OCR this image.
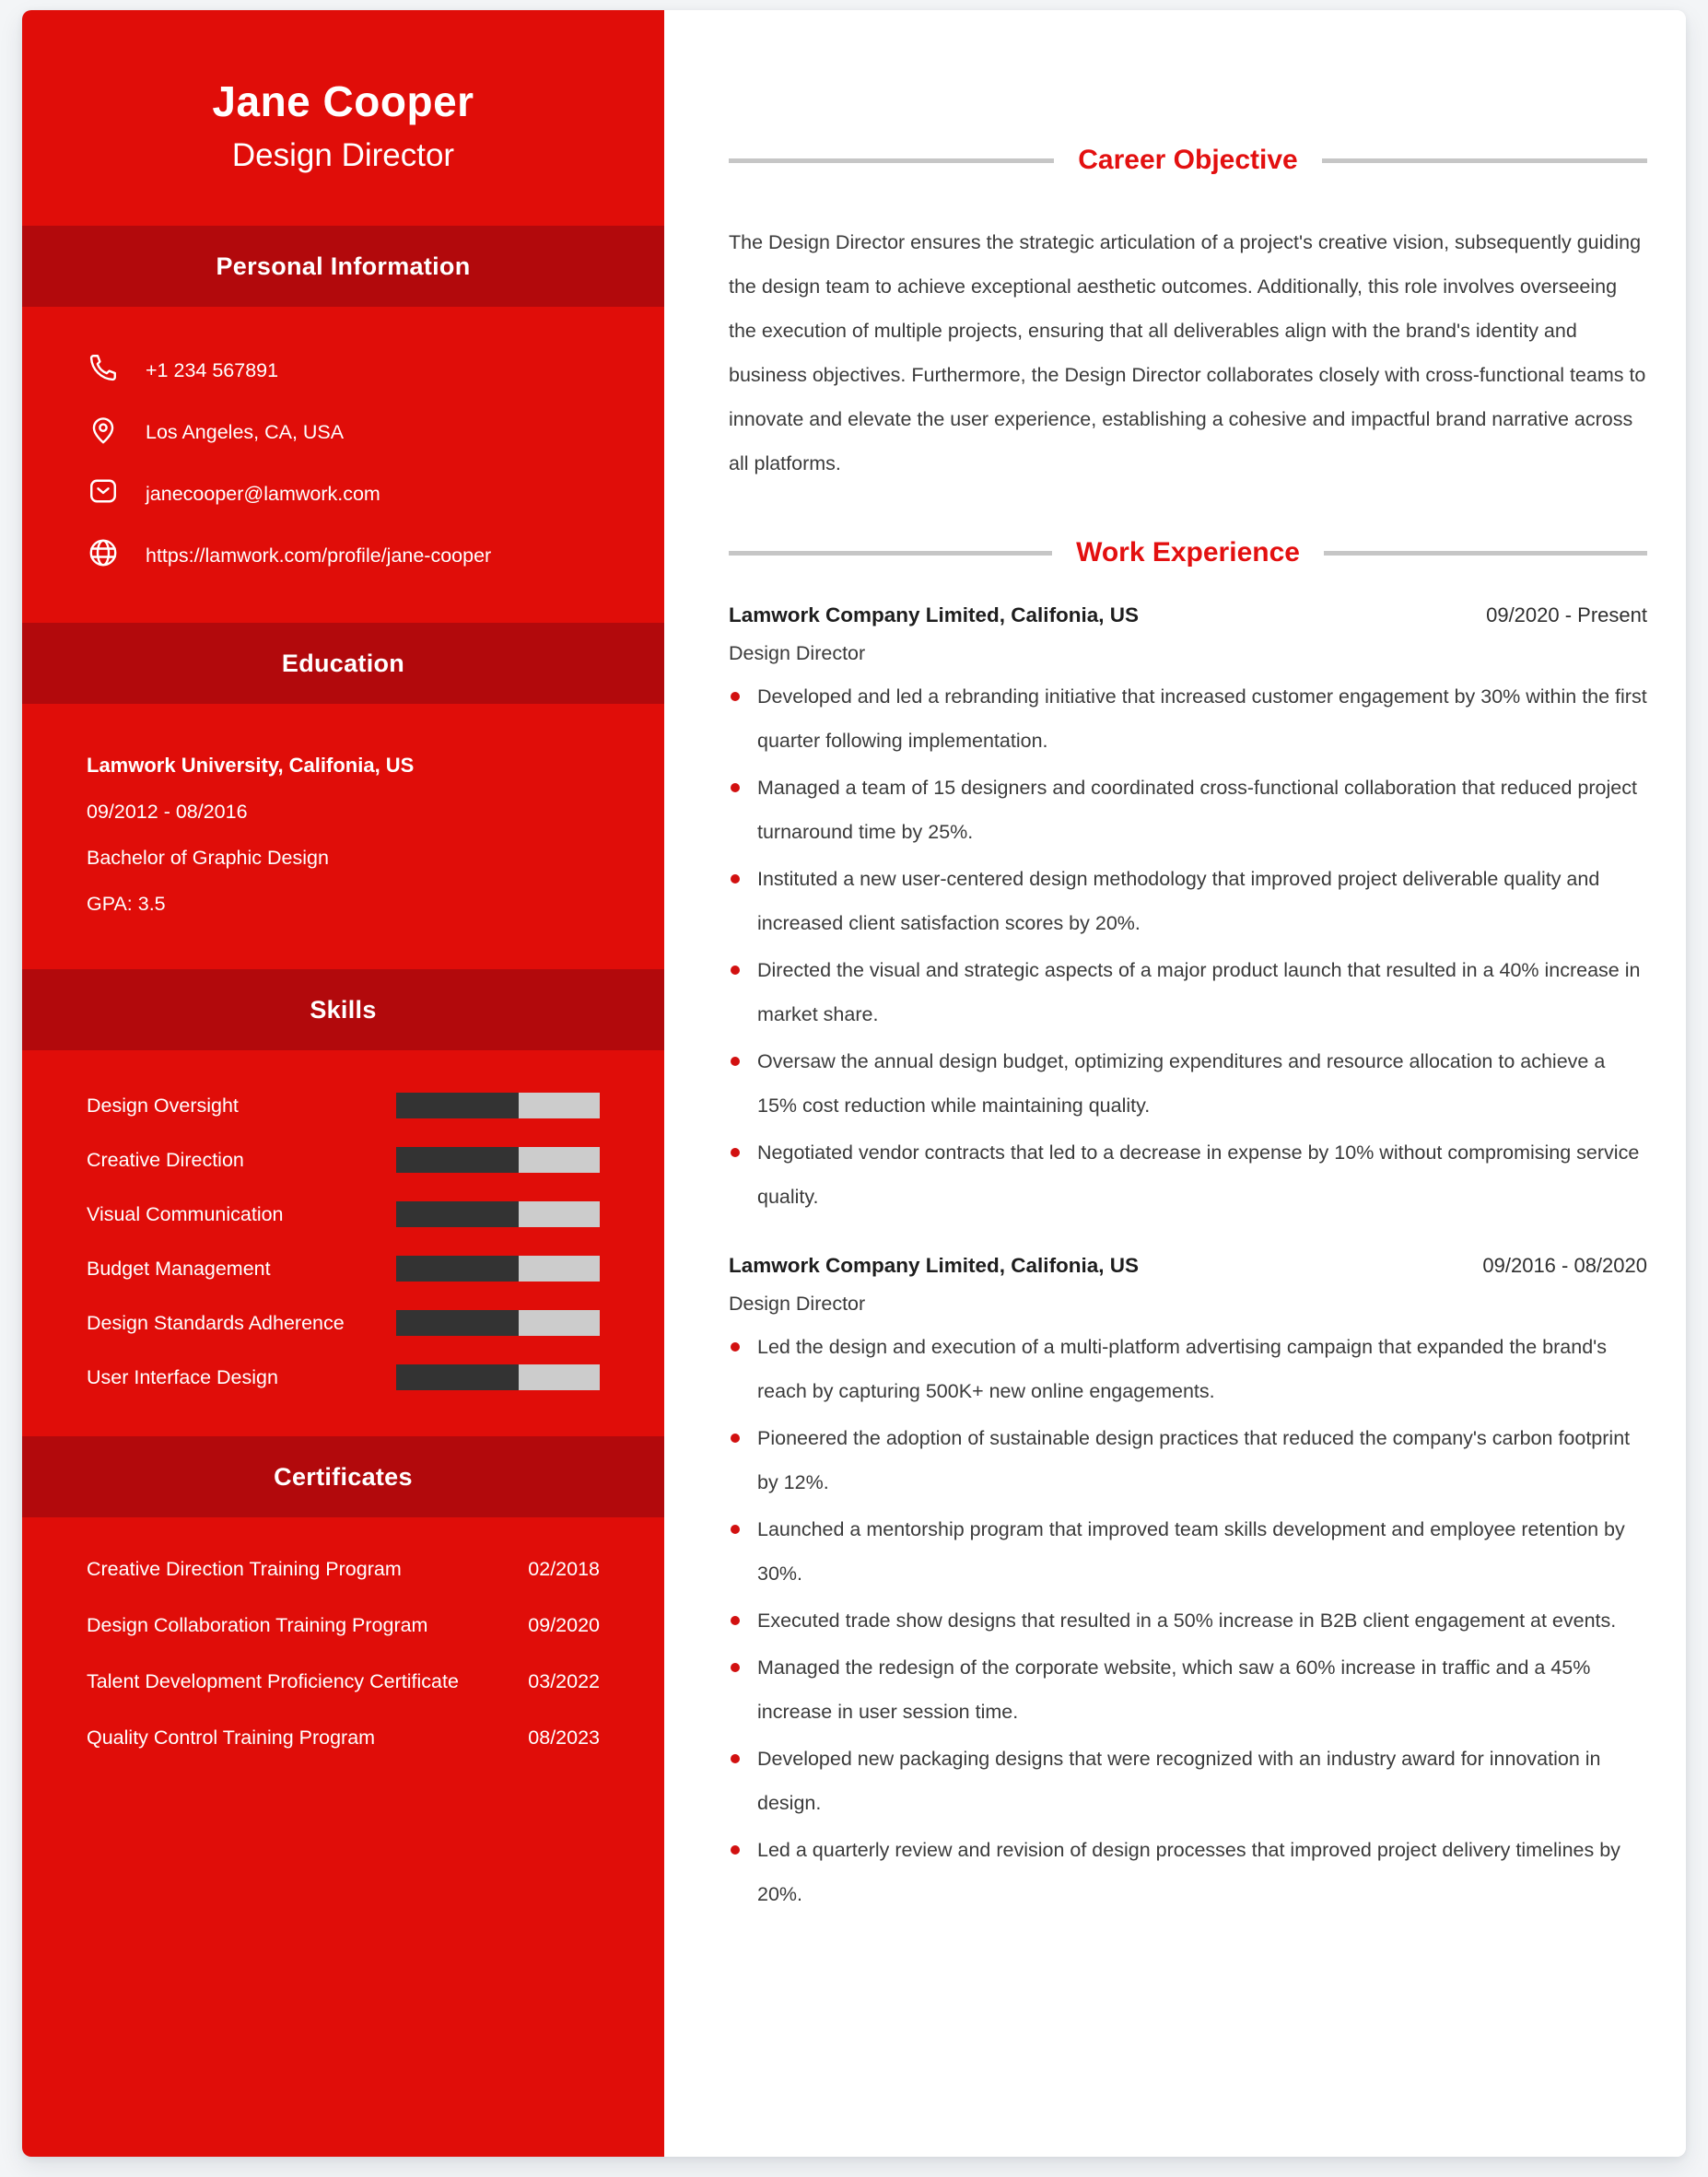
Jane Cooper
Design Director
Personal Information
+1 234 567891
Los Angeles, CA, USA
janecooper@lamwork.com
https://lamwork.com/profile/jane-cooper
Education
Lamwork University, Califonia, US
09/2012 - 08/2016
Bachelor of Graphic Design
GPA: 3.5
Skills
Design Oversight
Creative Direction
Visual Communication
Budget Management
Design Standards Adherence
User Interface Design
Certificates
Creative Direction Training Program	02/2018
Design Collaboration Training Program	09/2020
Talent Development Proficiency Certificate	03/2022
Quality Control Training Program	08/2023
Career Objective

The Design Director ensures the strategic articulation of a project's creative vision, subsequently guiding the design team to achieve exceptional aesthetic outcomes. Additionally, this role involves overseeing the execution of multiple projects, ensuring that all deliverables align with the brand's identity and business objectives. Furthermore, the Design Director collaborates closely with cross-functional teams to innovate and elevate the user experience, establishing a cohesive and impactful brand narrative across all platforms.

Work Experience
Lamwork Company Limited, Califonia, US	09/2020 - Present
Design Director
Developed and led a rebranding initiative that increased customer engagement by 30% within the first quarter following implementation.
Managed a team of 15 designers and coordinated cross-functional collaboration that reduced project turnaround time by 25%.
Instituted a new user-centered design methodology that improved project deliverable quality and increased client satisfaction scores by 20%.
Directed the visual and strategic aspects of a major product launch that resulted in a 40% increase in market share.
Oversaw the annual design budget, optimizing expenditures and resource allocation to achieve a 15% cost reduction while maintaining quality.
Negotiated vendor contracts that led to a decrease in expense by 10% without compromising service quality.
Lamwork Company Limited, Califonia, US	09/2016 - 08/2020
Design Director
Led the design and execution of a multi-platform advertising campaign that expanded the brand's reach by capturing 500K+ new online engagements.
Pioneered the adoption of sustainable design practices that reduced the company's carbon footprint by 12%.
Launched a mentorship program that improved team skills development and employee retention by 30%.
Executed trade show designs that resulted in a 50% increase in B2B client engagement at events.
Managed the redesign of the corporate website, which saw a 60% increase in traffic and a 45% increase in user session time.
Developed new packaging designs that were recognized with an industry award for innovation in design.
Led a quarterly review and revision of design processes that improved project delivery timelines by 20%.
